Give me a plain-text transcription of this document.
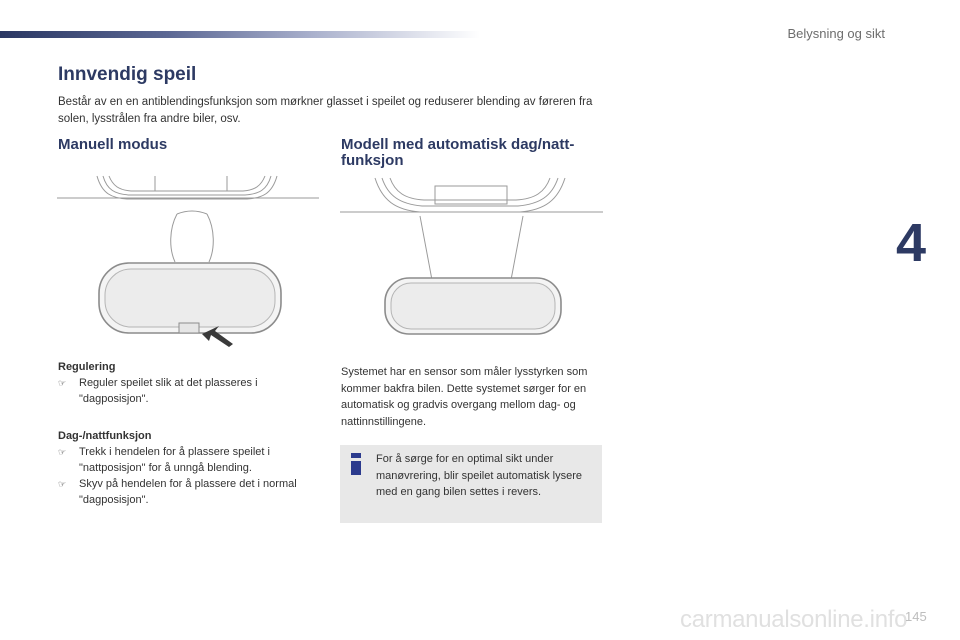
Belysning og sikt
4
Innvendig speil
Består av en en antiblendingsfunksjon som mørkner glasset i speilet og reduserer blending av føreren fra solen, lysstrålen fra andre biler, osv.
Manuell modus	Modell med automatisk dag/natt-funksjon
Regulering
☞ Reguler speilet slik at det plasseres i "dagposisjon".
Dag-/nattfunksjon
☞ Trekk i hendelen for å plassere speilet i "nattposisjon" for å unngå blending.
☞ Skyv på hendelen for å plassere det i normal "dagposisjon".
Systemet har en sensor som måler lysstyrken som kommer bakfra bilen. Dette systemet sørger for en automatisk og gradvis overgang mellom dag- og nattinnstillingene.
For å sørge for en optimal sikt under manøvrering, blir speilet automatisk lysere med en gang bilen settes i revers.
carmanualsonline.info
145
